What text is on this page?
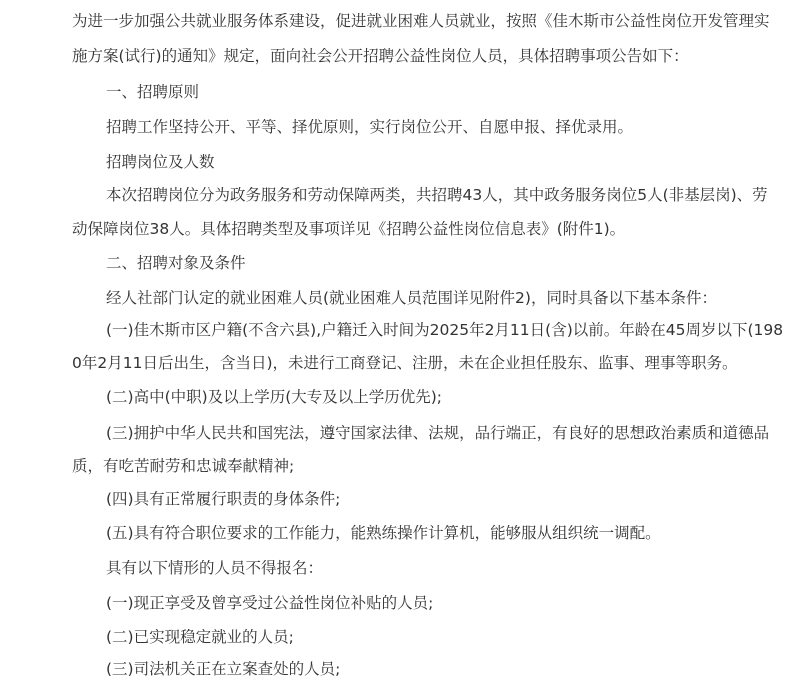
为进一步加强公共就业服务体系建设，促进就业困难人员就业，按照《佳木斯市公益性岗位开发管理实
施方案(试行)的通知》规定，面向社会公开招聘公益性岗位人员，具体招聘事项公告如下：
一、招聘原则
招聘工作坚持公开、平等、择优原则，实行岗位公开、自愿申报、择优录用。
招聘岗位及人数
本次招聘岗位分为政务服务和劳动保障两类，共招聘43人，其中政务服务岗位5人(非基层岗)、劳
动保障岗位38人。具体招聘类型及事项详见《招聘公益性岗位信息表》(附件1)。
二、招聘对象及条件
经人社部门认定的就业困难人员(就业困难人员范围详见附件2)，同时具备以下基本条件：
(一)佳木斯市区户籍(不含六县),户籍迁入时间为2025年2月11日(含)以前。年龄在45周岁以下(198
0年2月11日后出生，含当日)，未进行工商登记、注册，未在企业担任股东、监事、理事等职务。
(二)高中(中职)及以上学历(大专及以上学历优先);
(三)拥护中华人民共和国宪法，遵守国家法律、法规，品行端正，有良好的思想政治素质和道德品
质，有吃苦耐劳和忠诚奉献精神;
(四)具有正常履行职责的身体条件;
(五)具有符合职位要求的工作能力，能熟练操作计算机，能够服从组织统一调配。
具有以下情形的人员不得报名：
(一)现正享受及曾享受过公益性岗位补贴的人员;
(二)已实现稳定就业的人员;
(三)司法机关正在立案查处的人员;
